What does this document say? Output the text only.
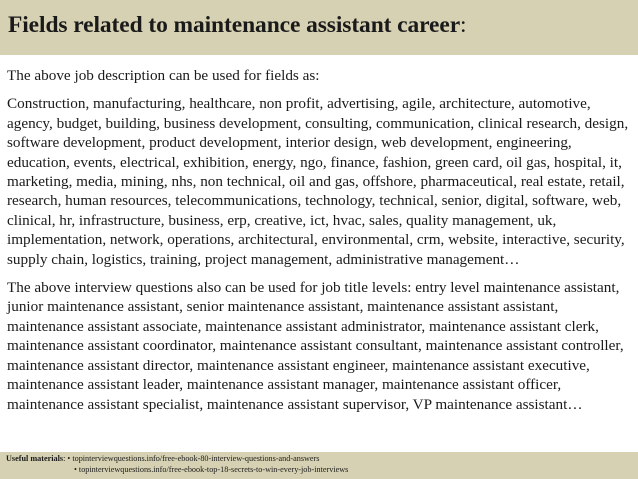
Fields related to maintenance assistant career:

The above job description can be used for fields as:

Construction, manufacturing, healthcare, non profit, advertising, agile, architecture, automotive, agency, budget, building, business development, consulting, communication, clinical research, design, software development, product development, interior design, web development, engineering, education, events, electrical, exhibition, energy, ngo, finance, fashion, green card, oil gas, hospital, it, marketing, media, mining, nhs, non technical, oil and gas, offshore, pharmaceutical, real estate, retail, research, human resources, telecommunications, technology, technical, senior, digital, software, web, clinical, hr, infrastructure, business, erp, creative, ict, hvac, sales, quality management, uk, implementation, network, operations, architectural, environmental, crm, website, interactive, security, supply chain, logistics, training, project management, administrative management…

The above interview questions also can be used for job title levels: entry level maintenance assistant, junior maintenance assistant, senior maintenance assistant, maintenance assistant assistant, maintenance assistant associate, maintenance assistant administrator, maintenance assistant clerk, maintenance assistant coordinator, maintenance assistant consultant, maintenance assistant controller, maintenance assistant director, maintenance assistant engineer, maintenance assistant executive, maintenance assistant leader, maintenance assistant manager, maintenance assistant officer, maintenance assistant specialist, maintenance assistant supervisor, VP maintenance assistant…

Useful materials: • topinterviewquestions.info/free-ebook-80-interview-questions-and-answers
• topinterviewquestions.info/free-ebook-top-18-secrets-to-win-every-job-interviews
